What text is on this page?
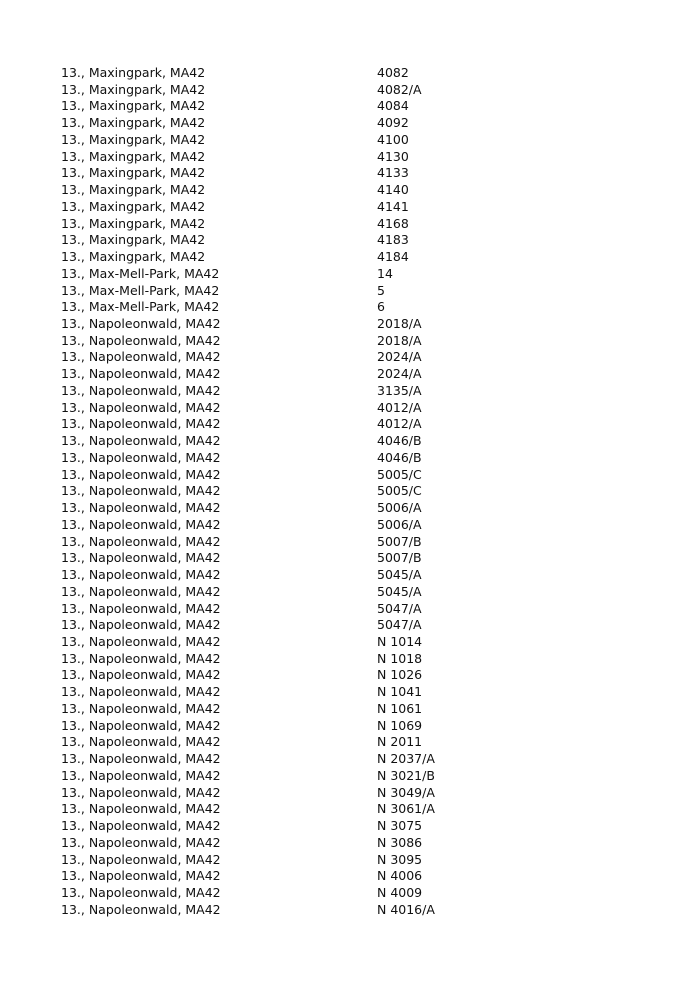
13., Maxingpark, MA42	4082
13., Maxingpark, MA42	4082/A
13., Maxingpark, MA42	4084
13., Maxingpark, MA42	4092
13., Maxingpark, MA42	4100
13., Maxingpark, MA42	4130
13., Maxingpark, MA42	4133
13., Maxingpark, MA42	4140
13., Maxingpark, MA42	4141
13., Maxingpark, MA42	4168
13., Maxingpark, MA42	4183
13., Maxingpark, MA42	4184
13., Max-Mell-Park, MA42	14
13., Max-Mell-Park, MA42	5
13., Max-Mell-Park, MA42	6
13., Napoleonwald, MA42	2018/A
13., Napoleonwald, MA42	2018/A
13., Napoleonwald, MA42	2024/A
13., Napoleonwald, MA42	2024/A
13., Napoleonwald, MA42	3135/A
13., Napoleonwald, MA42	4012/A
13., Napoleonwald, MA42	4012/A
13., Napoleonwald, MA42	4046/B
13., Napoleonwald, MA42	4046/B
13., Napoleonwald, MA42	5005/C
13., Napoleonwald, MA42	5005/C
13., Napoleonwald, MA42	5006/A
13., Napoleonwald, MA42	5006/A
13., Napoleonwald, MA42	5007/B
13., Napoleonwald, MA42	5007/B
13., Napoleonwald, MA42	5045/A
13., Napoleonwald, MA42	5045/A
13., Napoleonwald, MA42	5047/A
13., Napoleonwald, MA42	5047/A
13., Napoleonwald, MA42	N 1014
13., Napoleonwald, MA42	N 1018
13., Napoleonwald, MA42	N 1026
13., Napoleonwald, MA42	N 1041
13., Napoleonwald, MA42	N 1061
13., Napoleonwald, MA42	N 1069
13., Napoleonwald, MA42	N 2011
13., Napoleonwald, MA42	N 2037/A
13., Napoleonwald, MA42	N 3021/B
13., Napoleonwald, MA42	N 3049/A
13., Napoleonwald, MA42	N 3061/A
13., Napoleonwald, MA42	N 3075
13., Napoleonwald, MA42	N 3086
13., Napoleonwald, MA42	N 3095
13., Napoleonwald, MA42	N 4006
13., Napoleonwald, MA42	N 4009
13., Napoleonwald, MA42	N 4016/A
